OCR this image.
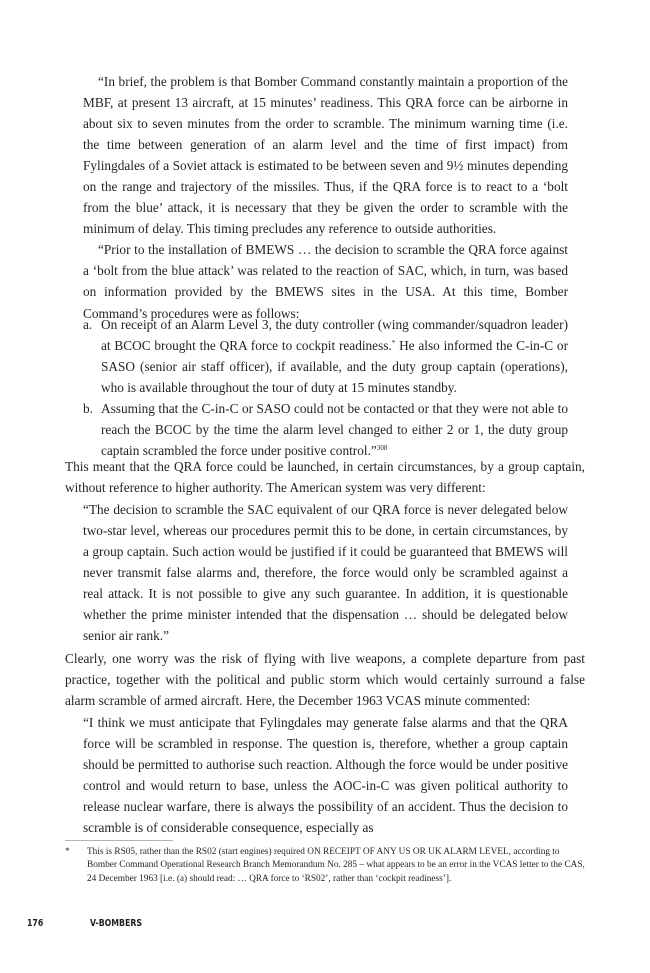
“In brief, the problem is that Bomber Command constantly maintain a proportion of the MBF, at present 13 aircraft, at 15 minutes’ readiness. This QRA force can be airborne in about six to seven minutes from the order to scramble. The minimum warning time (i.e. the time between generation of an alarm level and the time of first impact) from Fylingdales of a Soviet attack is estimated to be between seven and 9½ minutes depending on the range and trajectory of the missiles. Thus, if the QRA force is to react to a ‘bolt from the blue’ attack, it is necessary that they be given the order to scramble with the minimum of delay. This timing precludes any reference to outside authorities.

“Prior to the installation of BMEWS … the decision to scramble the QRA force against a ‘bolt from the blue attack’ was related to the reaction of SAC, which, in turn, was based on information provided by the BMEWS sites in the USA. At this time, Bomber Command’s procedures were as follows:

a. On receipt of an Alarm Level 3, the duty controller (wing commander/squadron leader) at BCOC brought the QRA force to cockpit readiness.* He also informed the C-in-C or SASO (senior air staff officer), if available, and the duty group captain (operations), who is available throughout the tour of duty at 15 minutes standby.
b. Assuming that the C-in-C or SASO could not be contacted or that they were not able to reach the BCOC by the time the alarm level changed to either 2 or 1, the duty group captain scrambled the force under positive control.”$^{308}$

This meant that the QRA force could be launched, in certain circumstances, by a group captain, without reference to higher authority. The American system was very different:

“The decision to scramble the SAC equivalent of our QRA force is never delegated below two-star level, whereas our procedures permit this to be done, in certain circumstances, by a group captain. Such action would be justified if it could be guaranteed that BMEWS will never transmit false alarms and, therefore, the force would only be scrambled against a real attack. It is not possible to give any such guarantee. In addition, it is questionable whether the prime minister intended that the dispensation … should be delegated below senior air rank.”

Clearly, one worry was the risk of flying with live weapons, a complete departure from past practice, together with the political and public storm which would certainly surround a false alarm scramble of armed aircraft. Here, the December 1963 VCAS minute commented:

“I think we must anticipate that Fylingdales may generate false alarms and that the QRA force will be scrambled in response. The question is, therefore, whether a group captain should be permitted to authorise such reaction. Although the force would be under positive control and would return to base, unless the AOC-in-C was given political authority to release nuclear warfare, there is always the possibility of an accident. Thus the decision to scramble is of considerable consequence, especially as

*	This is RS05, rather than the RS02 (start engines) required ON RECEIPT OF ANY US OR UK ALARM LEVEL, according to Bomber Command Operational Research Branch Memorandum No. 285 – what appears to be an error in the VCAS letter to the CAS, 24 December 1963 [i.e. (a) should read: … QRA force to ‘RS02’, rather than ‘cockpit readiness’].
176	V-BOMBERS
